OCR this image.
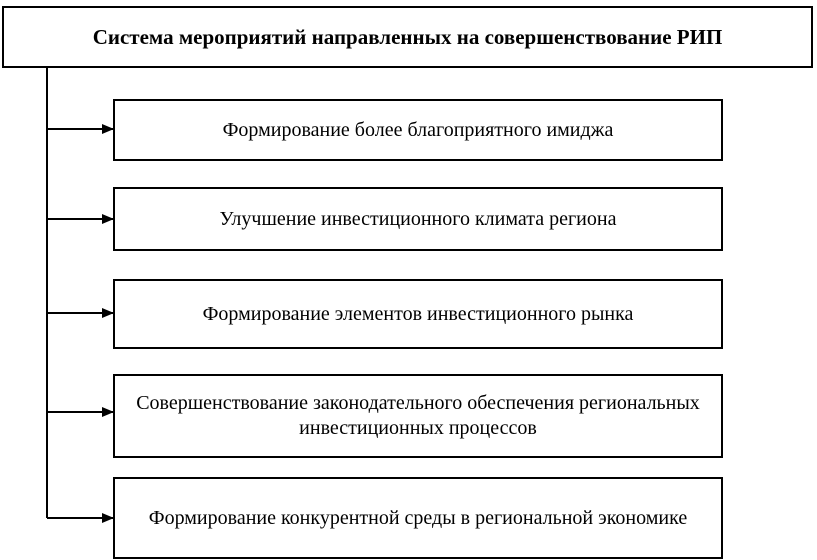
Система мероприятий направленных на совершенствование РИП
Формирование более благоприятного имиджа
Улучшение инвестиционного климата региона
Формирование элементов инвестиционного рынка
Совершенствование законодательного обеспечения региональных инвестиционных процессов
Формирование конкурентной среды в региональной экономике
